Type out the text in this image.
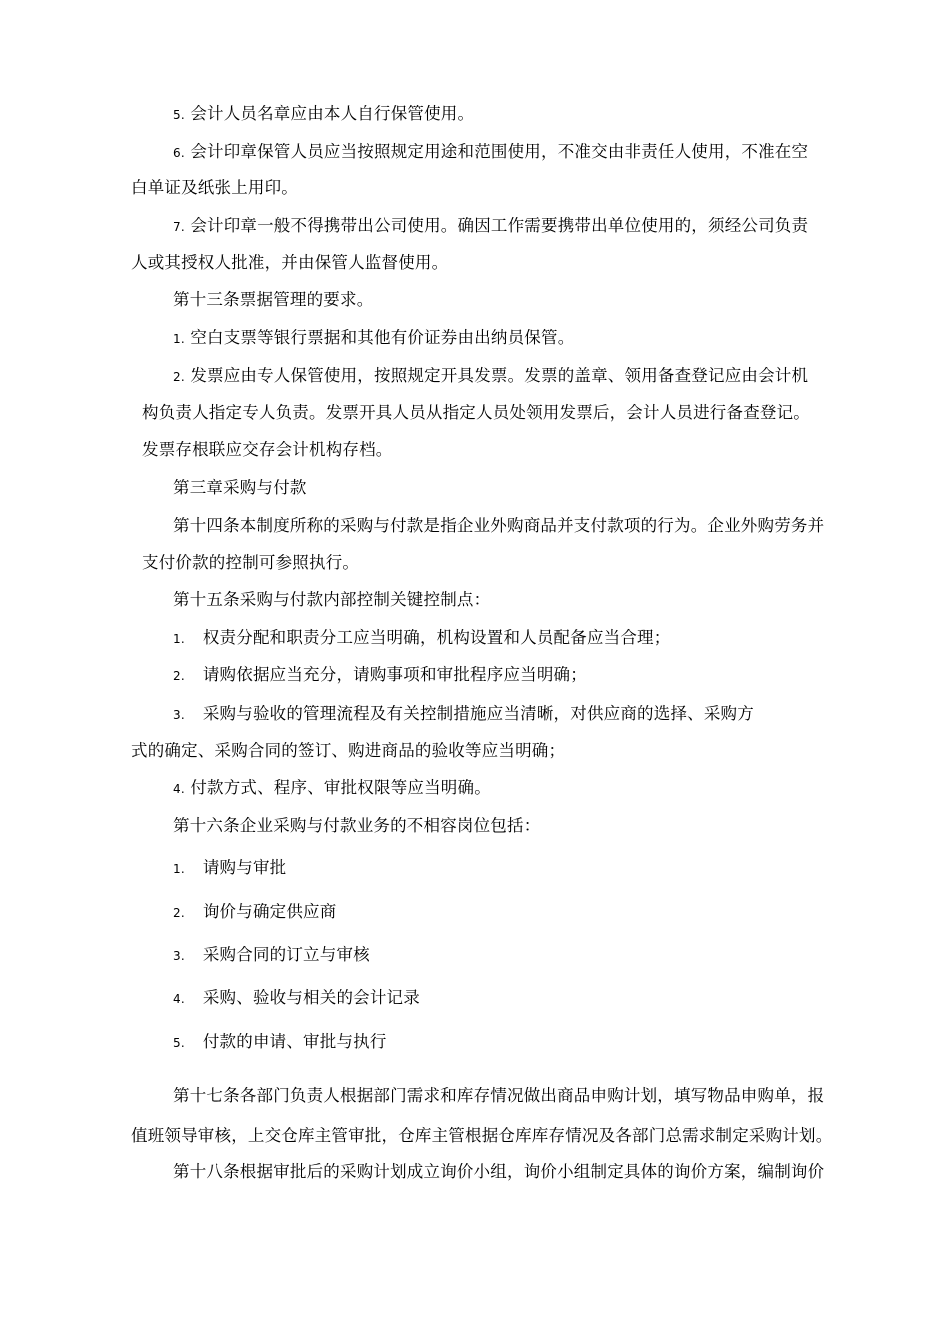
5. 会计人员名章应由本人自行保管使用。
6. 会计印章保管人员应当按照规定用途和范围使用，不准交由非责任人使用，不准在空
白单证及纸张上用印。
7. 会计印章一般不得携带出公司使用。确因工作需要携带出单位使用的，须经公司负责
人或其授权人批准，并由保管人监督使用。
第十三条票据管理的要求。
1. 空白支票等银行票据和其他有价证券由出纳员保管。
2. 发票应由专人保管使用，按照规定开具发票。发票的盖章、领用备查登记应由会计机
构负责人指定专人负责。发票开具人员从指定人员处领用发票后，会计人员进行备查登记。
发票存根联应交存会计机构存档。
第三章采购与付款
第十四条本制度所称的采购与付款是指企业外购商品并支付款项的行为。企业外购劳务并
支付价款的控制可参照执行。
第十五条采购与付款内部控制关键控制点：
1. 权责分配和职责分工应当明确，机构设置和人员配备应当合理；
2. 请购依据应当充分，请购事项和审批程序应当明确；
3. 采购与验收的管理流程及有关控制措施应当清晰，对供应商的选择、采购方
式的确定、采购合同的签订、购进商品的验收等应当明确；
4. 付款方式、程序、审批权限等应当明确。
第十六条企业采购与付款业务的不相容岗位包括：
1. 请购与审批
2. 询价与确定供应商
3. 采购合同的订立与审核
4. 采购、验收与相关的会计记录
5. 付款的申请、审批与执行
第十七条各部门负责人根据部门需求和库存情况做出商品申购计划，填写物品申购单，报
值班领导审核，上交仓库主管审批，仓库主管根据仓库库存情况及各部门总需求制定采购计划。
第十八条根据审批后的采购计划成立询价小组，询价小组制定具体的询价方案，编制询价
